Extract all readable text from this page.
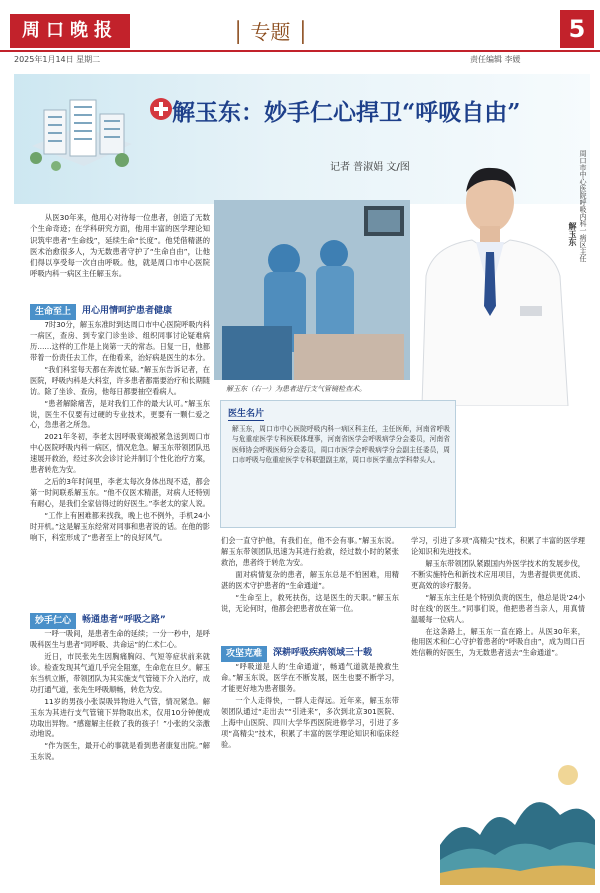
周口晚报	│ 专题 │	5
2025年1月14日 星期二	责任编辑 李媛
解玉东：妙手仁心捍卫“呼吸自由”
记者 普淑娟 文/图	周口市中心医院呼吸内科一病区主任
解玉东
解玉东（右一）为患者进行支气管镜检查术。

从医30年来，他用心对待每一位患者，创造了无数个生命奇迹；在学科研究方面，他用丰富的医学理论知识筑牢患者“生命线”，延续生命“长度”。他凭借精湛的医术治愈很多人，为无数患者守护了“生命自由”，让他们得以享受每一次自由呼吸。他，就是周口市中心医院呼吸内科一病区主任解玉东。

生命至上	用心用情呵护患者健康

7时30分，解玉东准时到达周口市中心医院呼吸内科一病区，查房、到专家门诊坐诊、组织同事讨论疑难病历……这样的工作是上岗第一天的常态。日复一日，他都带着一份责任去工作，在他看来，治好病是医生的本分。

“我们科室每天都在奔波忙碌。”解玉东告诉记者，在医院，呼吸内科是大科室，许多患者都需要治疗和长期随访。除了坐诊、查房，他每日都要抽空看病人。

“患者解除痛苦，是对我们工作的最大认可。”解玉东说，医生不仅要有过硬的专业技术，更要有一颗仁爱之心，急患者之所急。

2021年冬初，李老太因呼吸衰竭被紧急送到周口市中心医院呼吸内科一病区，情况危急。解玉东带领团队迅速展开救治，经过多次会诊讨论并制订个性化治疗方案，患者转危为安。

之后的3年时间里，李老太每次身体出现不适，都会第一时间联系解玉东。“他不仅医术精湛，对病人还特别有耐心，是我们全家信得过的好医生。”李老太的家人说。

“工作上有困难都来找我，晚上也不例外，手机24小时开机。”这是解玉东经常对同事和患者说的话。在他的影响下，科室形成了“患者至上”的良好风气。

妙手仁心	畅通患者“呼吸之路”

一呼一吸间，是患者生命的延续；一分一秒中，是呼吸科医生与患者“同呼吸、共命运”的仁术仁心。

近日，市民张先生因胸痛胸闷、气短等症状前来就诊。检查发现其气道几乎完全阻塞，生命危在旦夕。解玉东当机立断，带领团队为其实施支气管镜下介入治疗，成功打通气道，张先生呼吸顺畅，转危为安。

11岁的男孩小张误吸异物进入气管，情况紧急。解玉东为其进行支气管镜下异物取出术，仅用10分钟便成功取出异物。“感谢解主任救了我的孩子！”小张的父亲激动地说。

“作为医生，最开心的事就是看到患者康复出院。”解玉东说。

医生名片
解玉东，周口市中心医院呼吸内科一病区科主任，主任医师，河南省呼吸与危重症医学专科医联体理事，河南省医学会呼吸病学分会委员，河南省医师协会呼吸医师分会委员，周口市医学会呼吸病学分会副主任委员，周口市呼吸与危重症医学专科联盟副主席，周口市医学重点学科带头人。

们会一直守护他，有我们在，他不会有事。”解玉东说。解玉东带领团队迅速为其进行抢救，经过数小时的紧张救治，患者终于转危为安。

面对病情复杂的患者，解玉东总是不怕困难，用精湛的医术守护患者的“生命通道”。

“生命至上，救死扶伤，这是医生的天职。”解玉东说，无论何时，他都会把患者放在第一位。

攻坚克难	深耕呼吸疾病领域三十载

“呼吸道是人的‘生命通道’，畅通气道就是挽救生命。”解玉东说，医学在不断发展，医生也要不断学习，才能更好地为患者服务。

一个人走得快，一群人走得远。近年来，解玉东带领团队通过“走出去”“引进来”，多次到北京301医院、上海中山医院、四川大学华西医院进修学习，引进了多项“高精尖”技术，积累了丰富的医学理论知识和临床经验。

学习，引进了多项“高精尖”技术，积累了丰富的医学理论知识和先进技术。

解玉东带领团队紧跟国内外医学技术的发展步伐，不断实施特色和新技术应用项目，为患者提供更优质、更高效的诊疗服务。

“解玉东主任是个特别负责的医生，他总是说‘24小时在线’的医生。”同事们说，他把患者当亲人，用真情温暖每一位病人。

在这条路上，解玉东一直在路上。从医30年来，他用医术和仁心守护着患者的“呼吸自由”，成为周口百姓信赖的好医生，为无数患者送去“生命通道”。
